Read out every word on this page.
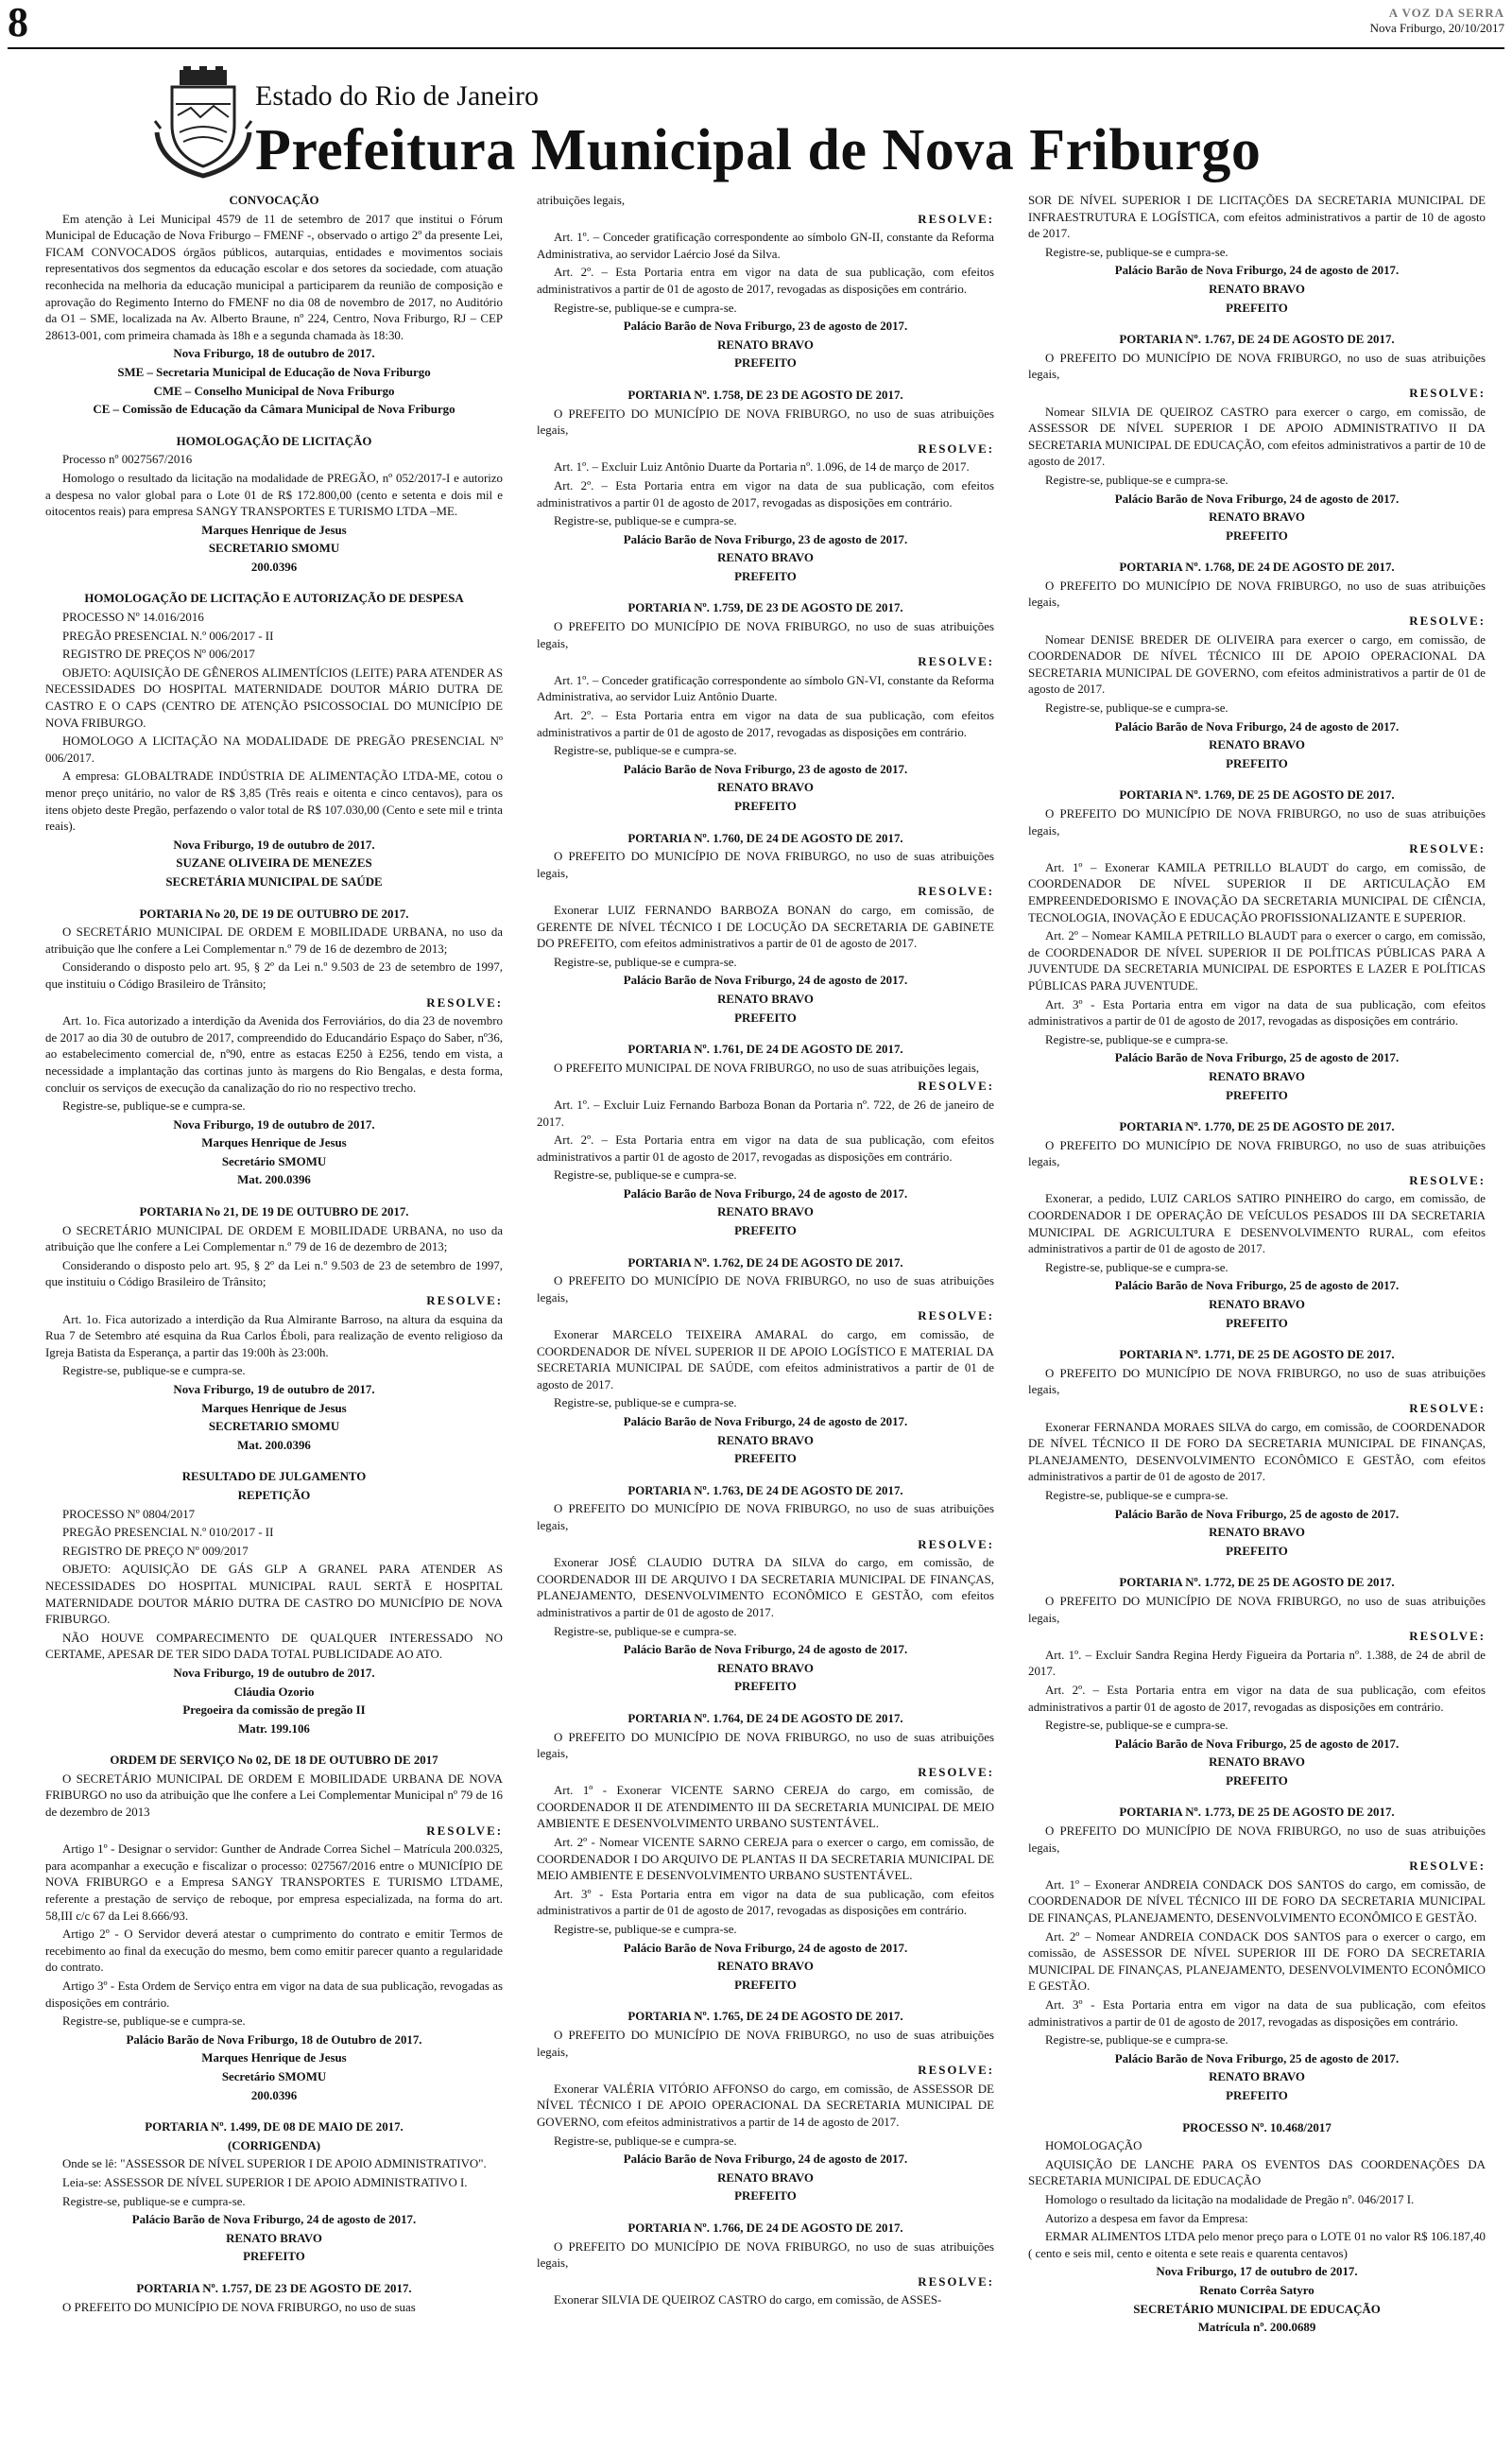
8	A VOZ DA SERRA
Nova Friburgo, 20/10/2017
Estado do Rio de Janeiro
Prefeitura Municipal de Nova Friburgo

CONVOCAÇÃO

Em atenção à Lei Municipal 4579 de 11 de setembro de 2017 que institui o Fórum Municipal de Educação de Nova Friburgo – FMENF -, observado o artigo 2º da presente Lei, FICAM CONVOCADOS órgãos públicos, autarquias, entidades e movimentos sociais representativos dos segmentos da educação escolar e dos setores da sociedade, com atuação reconhecida na melhoria da educação municipal a participarem da reunião de composição e aprovação do Regimento Interno do FMENF no dia 08 de novembro de 2017, no Auditório da O1 – SME, localizada na Av. Alberto Braune, nº 224, Centro, Nova Friburgo, RJ – CEP 28613-001, com primeira chamada às 18h e a segunda chamada às 18:30.

Nova Friburgo, 18 de outubro de 2017.

SME – Secretaria Municipal de Educação de Nova Friburgo

CME – Conselho Municipal de Nova Friburgo

CE – Comissão de Educação da Câmara Municipal de Nova Friburgo

HOMOLOGAÇÃO DE LICITAÇÃO

Processo nº 0027567/2016

Homologo o resultado da licitação na modalidade de PREGÃO, nº 052/2017-I e autorizo a despesa no valor global para o Lote 01 de R$ 172.800,00 (cento e setenta e dois mil e oitocentos reais) para empresa SANGY TRANSPORTES E TURISMO LTDA –ME.

Marques Henrique de Jesus

SECRETARIO SMOMU

200.0396

HOMOLOGAÇÃO DE LICITAÇÃO E AUTORIZAÇÃO DE DESPESA

PROCESSO Nº 14.016/2016

PREGÃO PRESENCIAL N.º 006/2017 - II

REGISTRO DE PREÇOS Nº 006/2017

OBJETO: AQUISIÇÃO DE GÊNEROS ALIMENTÍCIOS (LEITE) PARA ATENDER AS NECESSIDADES DO HOSPITAL MATERNIDADE DOUTOR MÁRIO DUTRA DE CASTRO E O CAPS (CENTRO DE ATENÇÃO PSICOSSOCIAL DO MUNICÍPIO DE NOVA FRIBURGO.

HOMOLOGO A LICITAÇÃO NA MODALIDADE DE PREGÃO PRESENCIAL Nº 006/2017.

A empresa: GLOBALTRADE INDÚSTRIA DE ALIMENTAÇÃO LTDA-ME, cotou o menor preço unitário, no valor de R$ 3,85 (Três reais e oitenta e cinco centavos), para os itens objeto deste Pregão, perfazendo o valor total de R$ 107.030,00 (Cento e sete mil e trinta reais).

Nova Friburgo, 19 de outubro de 2017.

SUZANE OLIVEIRA DE MENEZES

SECRETÁRIA MUNICIPAL DE SAÚDE

PORTARIA No 20, DE 19 DE OUTUBRO DE 2017.

O SECRETÁRIO MUNICIPAL DE ORDEM E MOBILIDADE URBANA, no uso da atribuição que lhe confere a Lei Complementar n.º 79 de 16 de dezembro de 2013;

Considerando o disposto pelo art. 95, § 2º da Lei n.º 9.503 de 23 de setembro de 1997, que instituiu o Código Brasileiro de Trânsito;

RESOLVE:

Art. 1o. Fica autorizado a interdição da Avenida dos Ferroviários, do dia 23 de novembro de 2017 ao dia 30 de outubro de 2017, compreendido do Educandário Espaço do Saber, nº36, ao estabelecimento comercial de, nº90, entre as estacas E250 à E256, tendo em vista, a necessidade a implantação das cortinas junto às margens do Rio Bengalas, e desta forma, concluir os serviços de execução da canalização do rio no respectivo trecho.

Registre-se, publique-se e cumpra-se.

Nova Friburgo, 19 de outubro de 2017.

Marques Henrique de Jesus

Secretário SMOMU

Mat. 200.0396

PORTARIA No 21, DE 19 DE OUTUBRO DE 2017.

O SECRETÁRIO MUNICIPAL DE ORDEM E MOBILIDADE URBANA, no uso da atribuição que lhe confere a Lei Complementar n.º 79 de 16 de dezembro de 2013;

Considerando o disposto pelo art. 95, § 2º da Lei n.º 9.503 de 23 de setembro de 1997, que instituiu o Código Brasileiro de Trânsito;

RESOLVE:

Art. 1o. Fica autorizado a interdição da Rua Almirante Barroso, na altura da esquina da Rua 7 de Setembro até esquina da Rua Carlos Éboli, para realização de evento religioso da Igreja Batista da Esperança, a partir das 19:00h às 23:00h.

Registre-se, publique-se e cumpra-se.

Nova Friburgo, 19 de outubro de 2017.

Marques Henrique de Jesus

SECRETARIO SMOMU

Mat. 200.0396

RESULTADO DE JULGAMENTO

REPETIÇÃO

PROCESSO Nº 0804/2017

PREGÃO PRESENCIAL N.º 010/2017 - II

REGISTRO DE PREÇO Nº 009/2017

OBJETO: AQUISIÇÃO DE GÁS GLP A GRANEL PARA ATENDER AS NECESSIDADES DO HOSPITAL MUNICIPAL RAUL SERTÃ E HOSPITAL MATERNIDADE DOUTOR MÁRIO DUTRA DE CASTRO DO MUNICÍPIO DE NOVA FRIBURGO.

NÃO HOUVE COMPARECIMENTO DE QUALQUER INTERESSADO NO CERTAME, APESAR DE TER SIDO DADA TOTAL PUBLICIDADE AO ATO.

Nova Friburgo, 19 de outubro de 2017.

Cláudia Ozorio

Pregoeira da comissão de pregão II

Matr. 199.106

ORDEM DE SERVIÇO No 02, DE 18 DE OUTUBRO DE 2017

O SECRETÁRIO MUNICIPAL DE ORDEM E MOBILIDADE URBANA DE NOVA FRIBURGO no uso da atribuição que lhe confere a Lei Complementar Municipal nº 79 de 16 de dezembro de 2013

RESOLVE:

Artigo 1º - Designar o servidor: Gunther de Andrade Correa Sichel – Matrícula 200.0325, para acompanhar a execução e fiscalizar o processo: 027567/2016 entre o MUNICÍPIO DE NOVA FRIBURGO e a Empresa SANGY TRANSPORTES E TURISMO LTDAME, referente a prestação de serviço de reboque, por empresa especializada, na forma do art. 58,III c/c 67 da Lei 8.666/93.

Artigo 2º - O Servidor deverá atestar o cumprimento do contrato e emitir Termos de recebimento ao final da execução do mesmo, bem como emitir parecer quanto a regularidade do contrato.

Artigo 3º - Esta Ordem de Serviço entra em vigor na data de sua publicação, revogadas as disposições em contrário.

Registre-se, publique-se e cumpra-se.

Palácio Barão de Nova Friburgo, 18 de Outubro de 2017.

Marques Henrique de Jesus

Secretário SMOMU

200.0396

PORTARIA Nº. 1.499, DE 08 DE MAIO DE 2017.

(CORRIGENDA)

Onde se lê: "ASSESSOR DE NÍVEL SUPERIOR I DE APOIO ADMINISTRATIVO".

Leia-se: ASSESSOR DE NÍVEL SUPERIOR I DE APOIO ADMINISTRATIVO I.

Registre-se, publique-se e cumpra-se.

Palácio Barão de Nova Friburgo, 24 de agosto de 2017.

RENATO BRAVO

PREFEITO

PORTARIA Nº. 1.757, DE 23 DE AGOSTO DE 2017.

O PREFEITO DO MUNICÍPIO DE NOVA FRIBURGO, no uso de suas

atribuições legais,

RESOLVE:

Art. 1º. – Conceder gratificação correspondente ao símbolo GN-II, constante da Reforma Administrativa, ao servidor Laércio José da Silva.

Art. 2º. – Esta Portaria entra em vigor na data de sua publicação, com efeitos administrativos a partir de 01 de agosto de 2017, revogadas as disposições em contrário.

Registre-se, publique-se e cumpra-se.

Palácio Barão de Nova Friburgo, 23 de agosto de 2017.

RENATO BRAVO

PREFEITO

PORTARIA Nº. 1.758, DE 23 DE AGOSTO DE 2017.

O PREFEITO DO MUNICÍPIO DE NOVA FRIBURGO, no uso de suas atribuições legais,

RESOLVE:

Art. 1º. – Excluir Luiz Antônio Duarte da Portaria nº. 1.096, de 14 de março de 2017.

Art. 2º. – Esta Portaria entra em vigor na data de sua publicação, com efeitos administrativos a partir 01 de agosto de 2017, revogadas as disposições em contrário.

Registre-se, publique-se e cumpra-se.

Palácio Barão de Nova Friburgo, 23 de agosto de 2017.

RENATO BRAVO

PREFEITO

PORTARIA Nº. 1.759, DE 23 DE AGOSTO DE 2017.

O PREFEITO DO MUNICÍPIO DE NOVA FRIBURGO, no uso de suas atribuições legais,

RESOLVE:

Art. 1º. – Conceder gratificação correspondente ao símbolo GN-VI, constante da Reforma Administrativa, ao servidor Luiz Antônio Duarte.

Art. 2º. – Esta Portaria entra em vigor na data de sua publicação, com efeitos administrativos a partir de 01 de agosto de 2017, revogadas as disposições em contrário.

Registre-se, publique-se e cumpra-se.

Palácio Barão de Nova Friburgo, 23 de agosto de 2017.

RENATO BRAVO

PREFEITO

PORTARIA Nº. 1.760, DE 24 DE AGOSTO DE 2017.

O PREFEITO DO MUNICÍPIO DE NOVA FRIBURGO, no uso de suas atribuições legais,

RESOLVE:

Exonerar LUIZ FERNANDO BARBOZA BONAN do cargo, em comissão, de GERENTE DE NÍVEL TÉCNICO I DE LOCUÇÃO DA SECRETARIA DE GABINETE DO PREFEITO, com efeitos administrativos a partir de 01 de agosto de 2017.

Registre-se, publique-se e cumpra-se.

Palácio Barão de Nova Friburgo, 24 de agosto de 2017.

RENATO BRAVO

PREFEITO

PORTARIA Nº. 1.761, DE 24 DE AGOSTO DE 2017.

O PREFEITO MUNICIPAL DE NOVA FRIBURGO, no uso de suas atribuições legais,

RESOLVE:

Art. 1º. – Excluir Luiz Fernando Barboza Bonan da Portaria nº. 722, de 26 de janeiro de 2017.

Art. 2º. – Esta Portaria entra em vigor na data de sua publicação, com efeitos administrativos a partir 01 de agosto de 2017, revogadas as disposições em contrário.

Registre-se, publique-se e cumpra-se.

Palácio Barão de Nova Friburgo, 24 de agosto de 2017.

RENATO BRAVO

PREFEITO

PORTARIA Nº. 1.762, DE 24 DE AGOSTO DE 2017.

O PREFEITO DO MUNICÍPIO DE NOVA FRIBURGO, no uso de suas atribuições legais,

RESOLVE:

Exonerar MARCELO TEIXEIRA AMARAL do cargo, em comissão, de COORDENADOR DE NÍVEL SUPERIOR II DE APOIO LOGÍSTICO E MATERIAL DA SECRETARIA MUNICIPAL DE SAÚDE, com efeitos administrativos a partir de 01 de agosto de 2017.

Registre-se, publique-se e cumpra-se.

Palácio Barão de Nova Friburgo, 24 de agosto de 2017.

RENATO BRAVO

PREFEITO

PORTARIA Nº. 1.763, DE 24 DE AGOSTO DE 2017.

O PREFEITO DO MUNICÍPIO DE NOVA FRIBURGO, no uso de suas atribuições legais,

RESOLVE:

Exonerar JOSÉ CLAUDIO DUTRA DA SILVA do cargo, em comissão, de COORDENADOR III DE ARQUIVO I DA SECRETARIA MUNICIPAL DE FINANÇAS, PLANEJAMENTO, DESENVOLVIMENTO ECONÔMICO E GESTÃO, com efeitos administrativos a partir de 01 de agosto de 2017.

Registre-se, publique-se e cumpra-se.

Palácio Barão de Nova Friburgo, 24 de agosto de 2017.

RENATO BRAVO

PREFEITO

PORTARIA Nº. 1.764, DE 24 DE AGOSTO DE 2017.

O PREFEITO DO MUNICÍPIO DE NOVA FRIBURGO, no uso de suas atribuições legais,

RESOLVE:

Art. 1º - Exonerar VICENTE SARNO CEREJA do cargo, em comissão, de COORDENADOR II DE ATENDIMENTO III DA SECRETARIA MUNICIPAL DE MEIO AMBIENTE E DESENVOLVIMENTO URBANO SUSTENTÁVEL.

Art. 2º - Nomear VICENTE SARNO CEREJA para o exercer o cargo, em comissão, de COORDENADOR I DO ARQUIVO DE PLANTAS II DA SECRETARIA MUNICIPAL DE MEIO AMBIENTE E DESENVOLVIMENTO URBANO SUSTENTÁVEL.

Art. 3º - Esta Portaria entra em vigor na data de sua publicação, com efeitos administrativos a partir de 01 de agosto de 2017, revogadas as disposições em contrário.

Registre-se, publique-se e cumpra-se.

Palácio Barão de Nova Friburgo, 24 de agosto de 2017.

RENATO BRAVO

PREFEITO

PORTARIA Nº. 1.765, DE 24 DE AGOSTO DE 2017.

O PREFEITO DO MUNICÍPIO DE NOVA FRIBURGO, no uso de suas atribuições legais,

RESOLVE:

Exonerar VALÉRIA VITÓRIO AFFONSO do cargo, em comissão, de ASSESSOR DE NÍVEL TÉCNICO I DE APOIO OPERACIONAL DA SECRETARIA MUNICIPAL DE GOVERNO, com efeitos administrativos a partir de 14 de agosto de 2017.

Registre-se, publique-se e cumpra-se.

Palácio Barão de Nova Friburgo, 24 de agosto de 2017.

RENATO BRAVO

PREFEITO

PORTARIA Nº. 1.766, DE 24 DE AGOSTO DE 2017.

O PREFEITO DO MUNICÍPIO DE NOVA FRIBURGO, no uso de suas atribuições legais,

RESOLVE:

Exonerar SILVIA DE QUEIROZ CASTRO do cargo, em comissão, de ASSES-

SOR DE NÍVEL SUPERIOR I DE LICITAÇÕES DA SECRETARIA MUNICIPAL DE INFRAESTRUTURA E LOGÍSTICA, com efeitos administrativos a partir de 10 de agosto de 2017.

Registre-se, publique-se e cumpra-se.

Palácio Barão de Nova Friburgo, 24 de agosto de 2017.

RENATO BRAVO

PREFEITO

PORTARIA Nº. 1.767, DE 24 DE AGOSTO DE 2017.

O PREFEITO DO MUNICÍPIO DE NOVA FRIBURGO, no uso de suas atribuições legais,

RESOLVE:

Nomear SILVIA DE QUEIROZ CASTRO para exercer o cargo, em comissão, de ASSESSOR DE NÍVEL SUPERIOR I DE APOIO ADMINISTRATIVO II DA SECRETARIA MUNICIPAL DE EDUCAÇÃO, com efeitos administrativos a partir de 10 de agosto de 2017.

Registre-se, publique-se e cumpra-se.

Palácio Barão de Nova Friburgo, 24 de agosto de 2017.

RENATO BRAVO

PREFEITO

PORTARIA Nº. 1.768, DE 24 DE AGOSTO DE 2017.

O PREFEITO DO MUNICÍPIO DE NOVA FRIBURGO, no uso de suas atribuições legais,

RESOLVE:

Nomear DENISE BREDER DE OLIVEIRA para exercer o cargo, em comissão, de COORDENADOR DE NÍVEL TÉCNICO III DE APOIO OPERACIONAL DA SECRETARIA MUNICIPAL DE GOVERNO, com efeitos administrativos a partir de 01 de agosto de 2017.

Registre-se, publique-se e cumpra-se.

Palácio Barão de Nova Friburgo, 24 de agosto de 2017.

RENATO BRAVO

PREFEITO

PORTARIA Nº. 1.769, DE 25 DE AGOSTO DE 2017.

O PREFEITO DO MUNICÍPIO DE NOVA FRIBURGO, no uso de suas atribuições legais,

RESOLVE:

Art. 1º – Exonerar KAMILA PETRILLO BLAUDT do cargo, em comissão, de COORDENADOR DE NÍVEL SUPERIOR II DE ARTICULAÇÃO EM EMPREENDEDORISMO E INOVAÇÃO DA SECRETARIA MUNICIPAL DE CIÊNCIA, TECNOLOGIA, INOVAÇÃO E EDUCAÇÃO PROFISSIONALIZANTE E SUPERIOR.

Art. 2º – Nomear KAMILA PETRILLO BLAUDT para o exercer o cargo, em comissão, de COORDENADOR DE NÍVEL SUPERIOR II DE POLÍTICAS PÚBLICAS PARA A JUVENTUDE DA SECRETARIA MUNICIPAL DE ESPORTES E LAZER E POLÍTICAS PÚBLICAS PARA JUVENTUDE.

Art. 3º - Esta Portaria entra em vigor na data de sua publicação, com efeitos administrativos a partir de 01 de agosto de 2017, revogadas as disposições em contrário.

Registre-se, publique-se e cumpra-se.

Palácio Barão de Nova Friburgo, 25 de agosto de 2017.

RENATO BRAVO

PREFEITO

PORTARIA Nº. 1.770, DE 25 DE AGOSTO DE 2017.

O PREFEITO DO MUNICÍPIO DE NOVA FRIBURGO, no uso de suas atribuições legais,

RESOLVE:

Exonerar, a pedido, LUIZ CARLOS SATIRO PINHEIRO do cargo, em comissão, de COORDENADOR I DE OPERAÇÃO DE VEÍCULOS PESADOS III DA SECRETARIA MUNICIPAL DE AGRICULTURA E DESENVOLVIMENTO RURAL, com efeitos administrativos a partir de 01 de agosto de 2017.

Registre-se, publique-se e cumpra-se.

Palácio Barão de Nova Friburgo, 25 de agosto de 2017.

RENATO BRAVO

PREFEITO

PORTARIA Nº. 1.771, DE 25 DE AGOSTO DE 2017.

O PREFEITO DO MUNICÍPIO DE NOVA FRIBURGO, no uso de suas atribuições legais,

RESOLVE:

Exonerar FERNANDA MORAES SILVA do cargo, em comissão, de COORDENADOR DE NÍVEL TÉCNICO II DE FORO DA SECRETARIA MUNICIPAL DE FINANÇAS, PLANEJAMENTO, DESENVOLVIMENTO ECONÔMICO E GESTÃO, com efeitos administrativos a partir de 01 de agosto de 2017.

Registre-se, publique-se e cumpra-se.

Palácio Barão de Nova Friburgo, 25 de agosto de 2017.

RENATO BRAVO

PREFEITO

PORTARIA Nº. 1.772, DE 25 DE AGOSTO DE 2017.

O PREFEITO DO MUNICÍPIO DE NOVA FRIBURGO, no uso de suas atribuições legais,

RESOLVE:

Art. 1º. – Excluir Sandra Regina Herdy Figueira da Portaria nº. 1.388, de 24 de abril de 2017.

Art. 2º. – Esta Portaria entra em vigor na data de sua publicação, com efeitos administrativos a partir 01 de agosto de 2017, revogadas as disposições em contrário.

Registre-se, publique-se e cumpra-se.

Palácio Barão de Nova Friburgo, 25 de agosto de 2017.

RENATO BRAVO

PREFEITO

PORTARIA Nº. 1.773, DE 25 DE AGOSTO DE 2017.

O PREFEITO DO MUNICÍPIO DE NOVA FRIBURGO, no uso de suas atribuições legais,

RESOLVE:

Art. 1º – Exonerar ANDREIA CONDACK DOS SANTOS do cargo, em comissão, de COORDENADOR DE NÍVEL TÉCNICO III DE FORO DA SECRETARIA MUNICIPAL DE FINANÇAS, PLANEJAMENTO, DESENVOLVIMENTO ECONÔMICO E GESTÃO.

Art. 2º – Nomear ANDREIA CONDACK DOS SANTOS para o exercer o cargo, em comissão, de ASSESSOR DE NÍVEL SUPERIOR III DE FORO DA SECRETARIA MUNICIPAL DE FINANÇAS, PLANEJAMENTO, DESENVOLVIMENTO ECONÔMICO E GESTÃO.

Art. 3º - Esta Portaria entra em vigor na data de sua publicação, com efeitos administrativos a partir de 01 de agosto de 2017, revogadas as disposições em contrário.

Registre-se, publique-se e cumpra-se.

Palácio Barão de Nova Friburgo, 25 de agosto de 2017.

RENATO BRAVO

PREFEITO

PROCESSO Nº. 10.468/2017

HOMOLOGAÇÃO

AQUISIÇÃO DE LANCHE PARA OS EVENTOS DAS COORDENAÇÕES DA SECRETARIA MUNICIPAL DE EDUCAÇÃO

Homologo o resultado da licitação na modalidade de Pregão nº. 046/2017 I.

Autorizo a despesa em favor da Empresa:

ERMAR ALIMENTOS LTDA pelo menor preço para o LOTE 01 no valor R$ 106.187,40 ( cento e seis mil, cento e oitenta e sete reais e quarenta centavos)

Nova Friburgo, 17 de outubro de 2017.

Renato Corrêa Satyro

SECRETÁRIO MUNICIPAL DE EDUCAÇÃO

Matrícula nº. 200.0689
